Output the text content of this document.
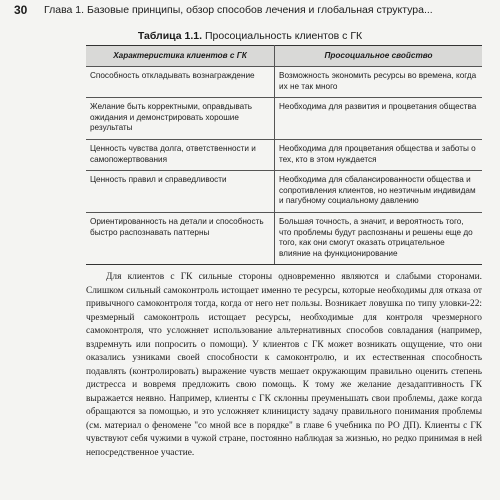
30 Глава 1. Базовые принципы, обзор способов лечения и глобальная структура...
Таблица 1.1. Просоциальность клиентов с ГК
Характеристика клиентов с ГК	Просоциальное свойство
Способность откладывать вознаграждение	Возможность экономить ресурсы во времена, когда их не так много
Желание быть корректными, оправдывать ожидания и демонстрировать хорошие результаты	Необходима для развития и процветания общества
Ценность чувства долга, ответственности и самопожертвования	Необходима для процветания общества и заботы о тех, кто в этом нуждается
Ценность правил и справедливости	Необходима для сбалансированности общества и сопротивления клиентов, но неэтичным индивидам и пагубному социальному давлению
Ориентированность на детали и способность быстро распознавать паттерны	Большая точность, а значит, и вероятность того, что проблемы будут распознаны и решены еще до того, как они смогут оказать отрицательное влияние на функционирование

Для клиентов с ГК сильные стороны одновременно являются и слабыми сторонами. Слишком сильный самоконтроль истощает именно те ресурсы, которые необходимы для отказа от привычного самоконтроля тогда, когда от него нет пользы. Возникает ловушка по типу уловки-22: чрезмерный самоконтроль истощает ресурсы, необходимые для контроля чрезмерного самоконтроля, что усложняет использование альтернативных способов совладания (например, вздремнуть или попросить о помощи). У клиентов с ГК может возникать ощущение, что они оказались узниками своей способности к самоконтролю, и их естественная способность подавлять (контролировать) выражение чувств мешает окружающим правильно оценить степень дистресса и вовремя предложить свою помощь. К тому же желание дезадаптивность ГК выражается неявно. Например, клиенты с ГК склонны преуменьшать свои проблемы, даже когда обращаются за помощью, и это усложняет клиницисту задачу правильного понимания проблемы (см. материал о феномене "со мной все в порядке" в главе 6 учебника по РО ДП). Клиенты с ГК чувствуют себя чужими в чужой стране, постоянно наблюдая за жизнью, но редко принимая в ней непосредственное участие.
